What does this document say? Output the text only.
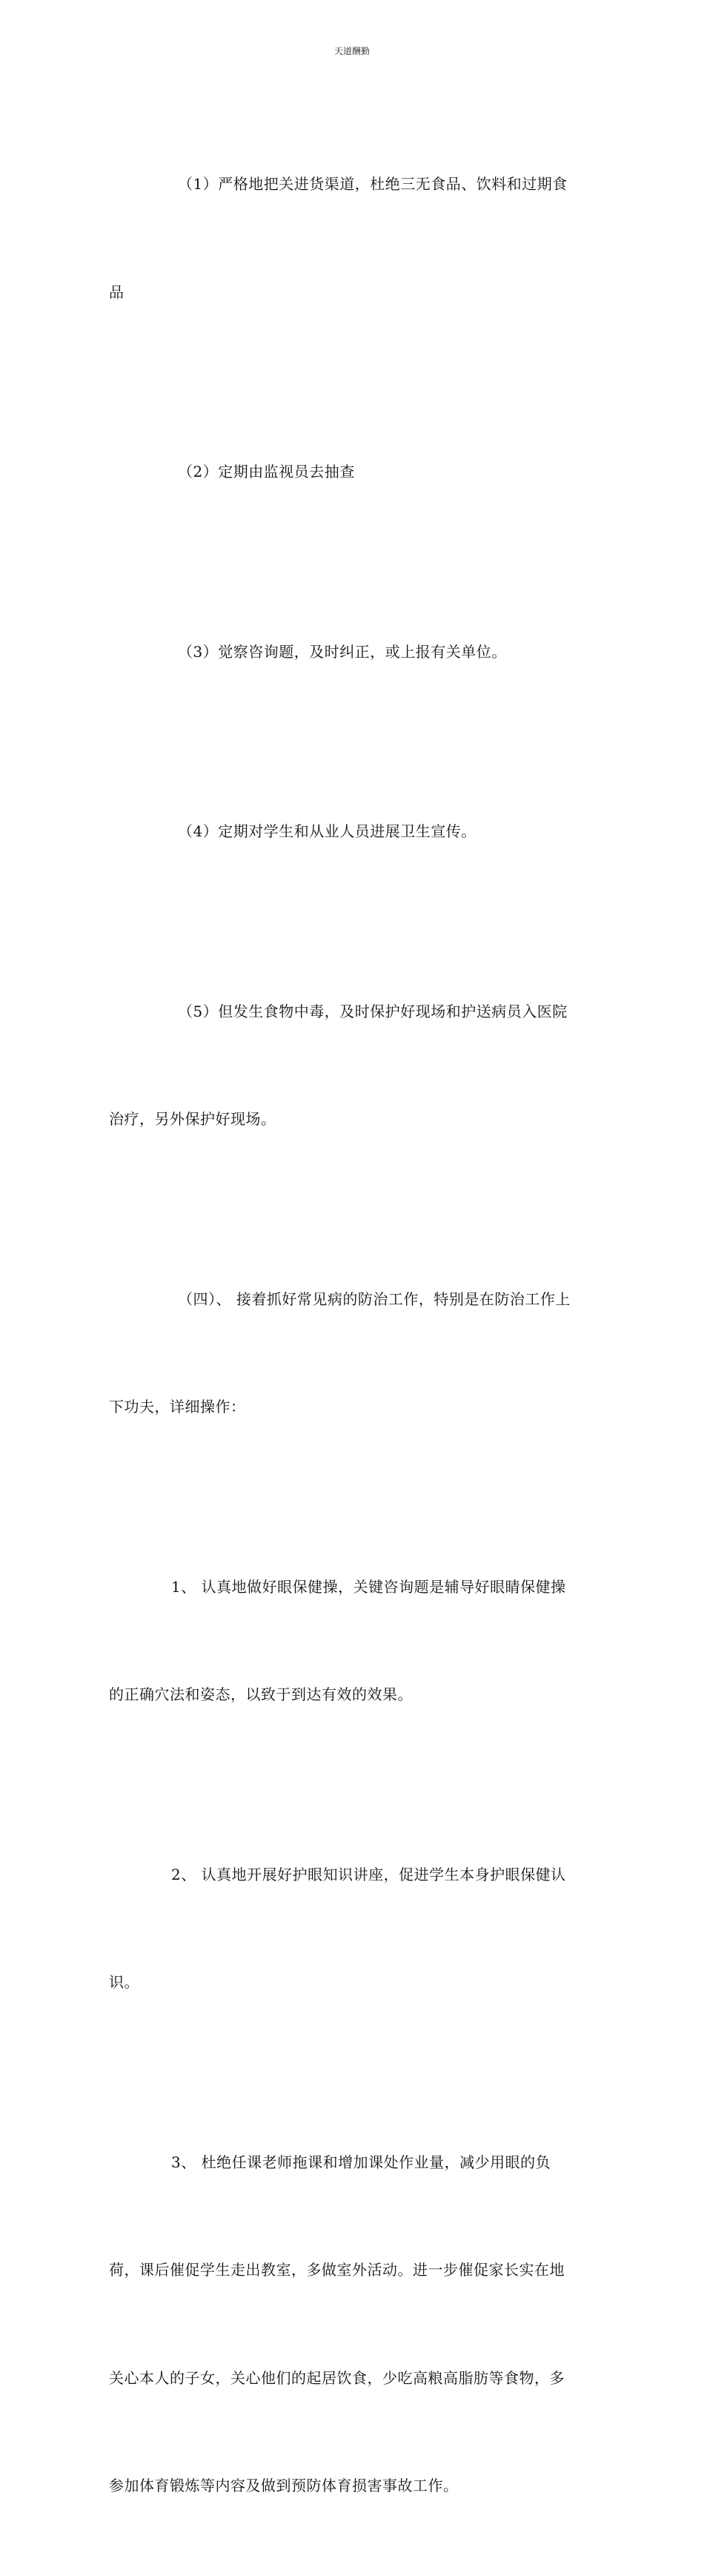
天道酬勤

（1）严格地把关进货渠道，杜绝三无食品、饮料和过期食

品

（2）定期由监视员去抽查

（3）觉察咨询题，及时纠正，或上报有关单位。

（4）定期对学生和从业人员进展卫生宣传。

（5）但发生食物中毒，及时保护好现场和护送病员入医院

治疗，另外保护好现场。

（四）、 接着抓好常见病的防治工作，特别是在防治工作上

下功夫，详细操作：

1、 认真地做好眼保健操，关键咨询题是辅导好眼睛保健操

的正确穴法和姿态，以致于到达有效的效果。

2、 认真地开展好护眼知识讲座，促进学生本身护眼保健认

识。

3、 杜绝任课老师拖课和增加课处作业量，减少用眼的负

荷，课后催促学生走出教室，多做室外活动。进一步催促家长实在地

关心本人的子女，关心他们的起居饮食，少吃高粮高脂肪等食物，多

参加体育锻炼等内容及做到预防体育损害事故工作。
